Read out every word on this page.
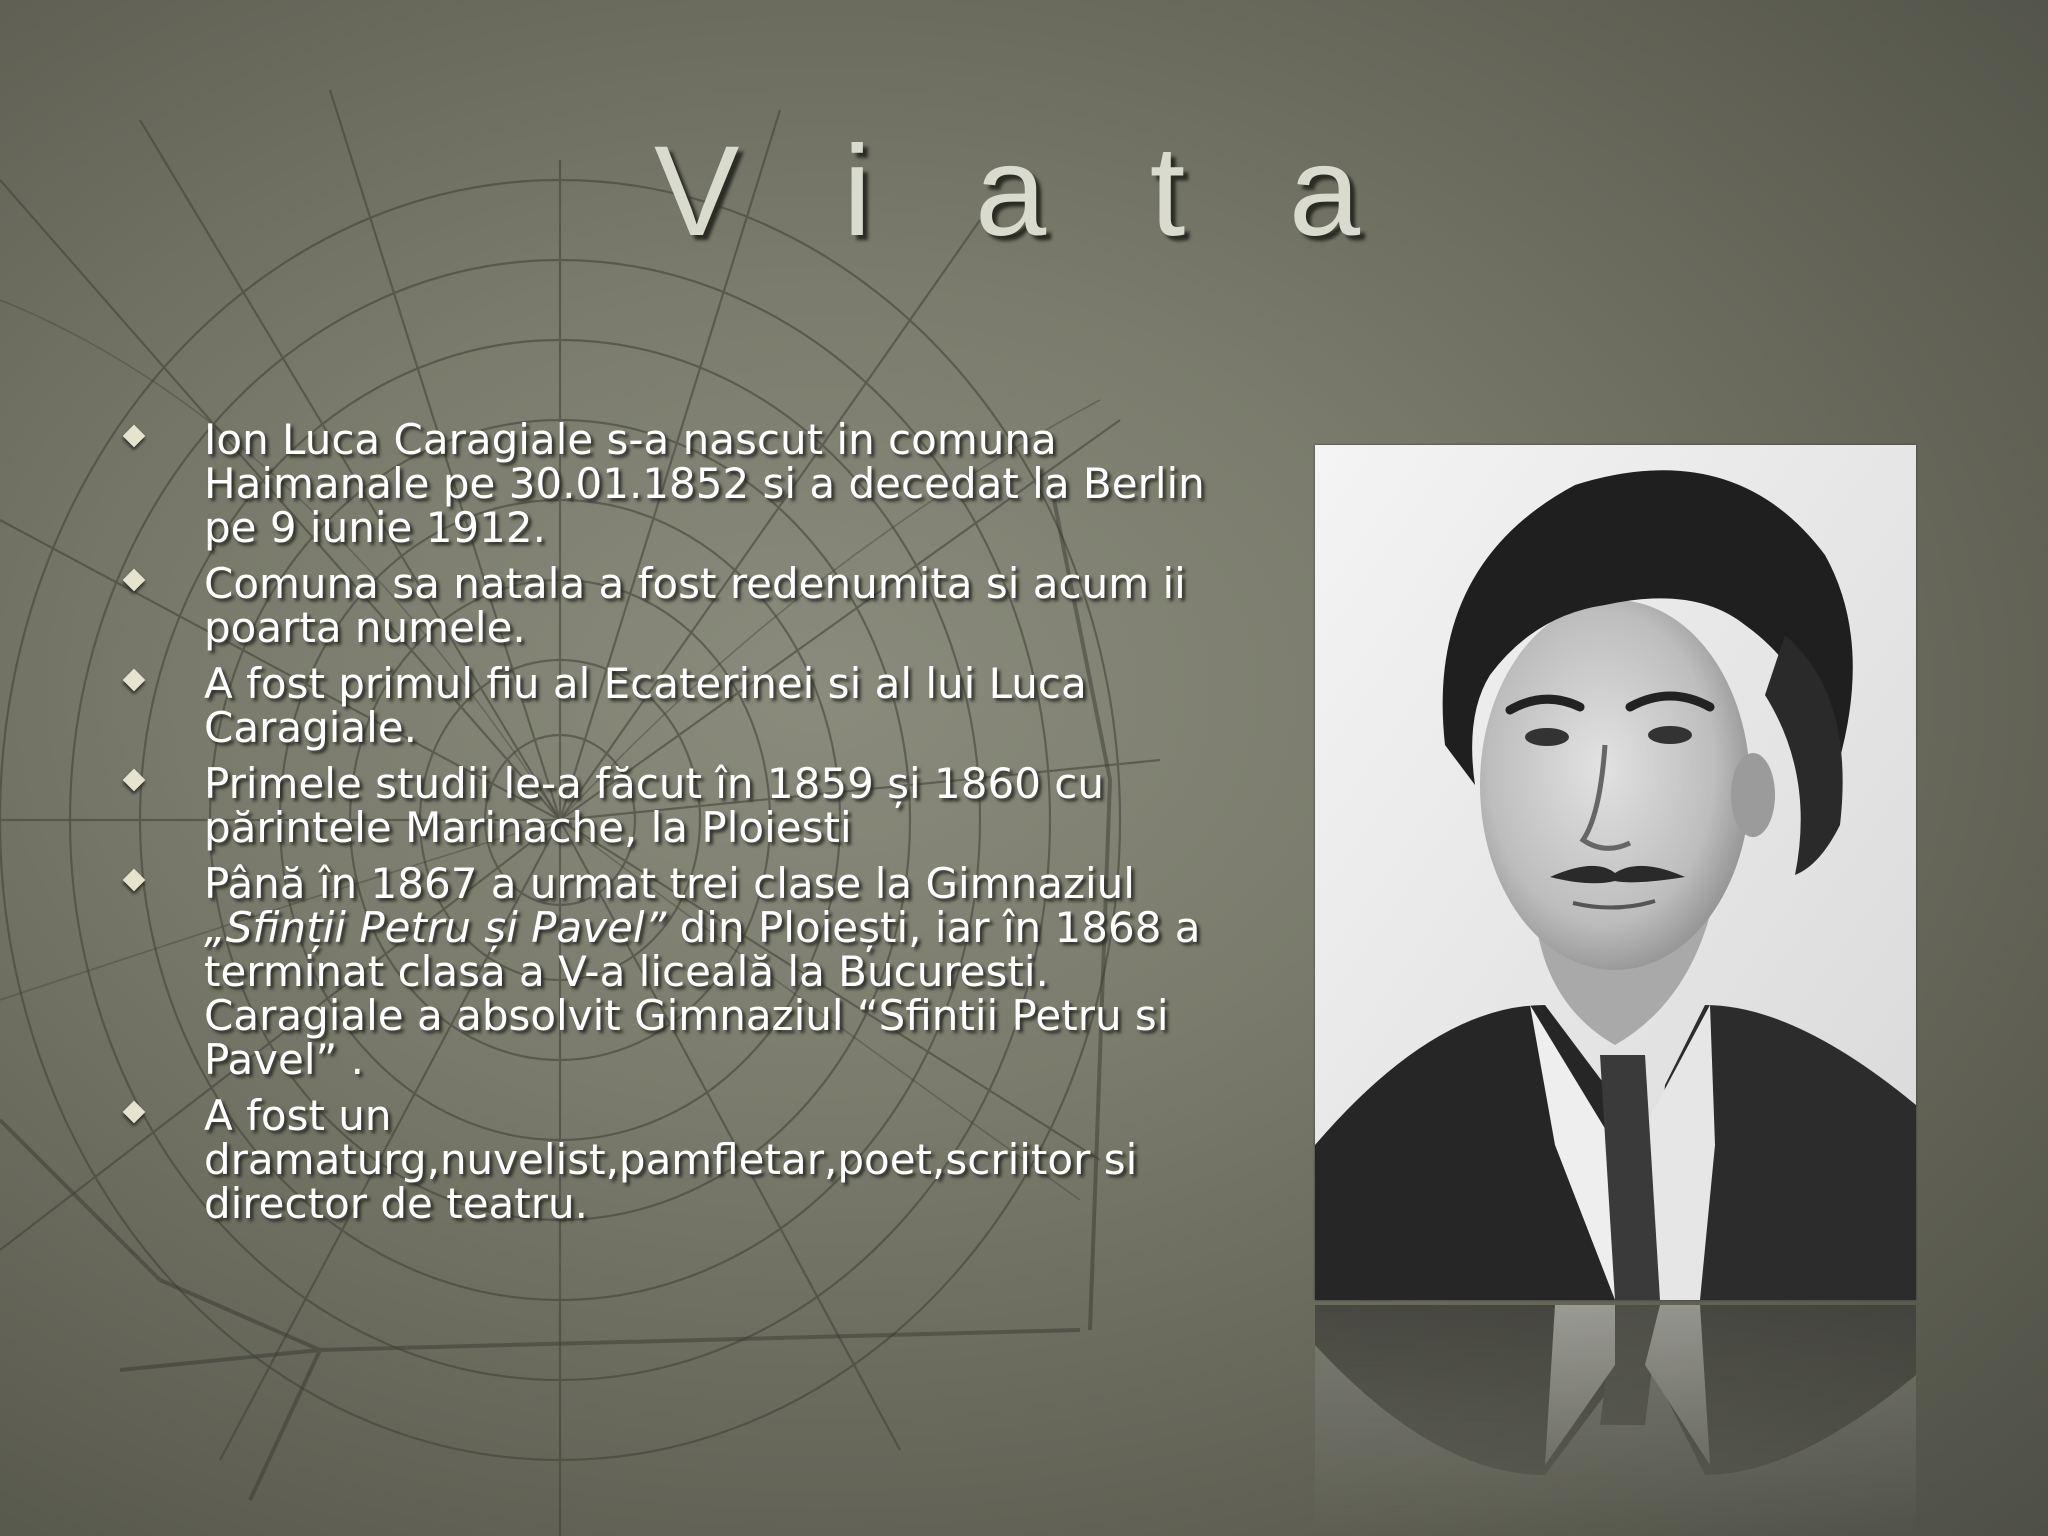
V i a t a
Ion Luca Caragiale s-a nascut in comuna Haimanale pe 30.01.1852 si a decedat la Berlin pe 9 iunie 1912.
Comuna sa natala a fost redenumita si acum ii poarta numele.
A fost primul fiu al Ecaterinei si al lui Luca Caragiale.
Primele studii le-a făcut în 1859 și 1860 cu părintele Marinache, la Ploiesti
Până în 1867 a urmat trei clase la Gimnaziul „Sfinții Petru și Pavel” din Ploiești, iar în 1868 a terminat clasa a V-a liceală la Bucuresti. Caragiale a absolvit Gimnaziul “Sfintii Petru si Pavel” .
A fost un dramaturg,nuvelist,pamfletar,poet,scriitor si director de teatru.
